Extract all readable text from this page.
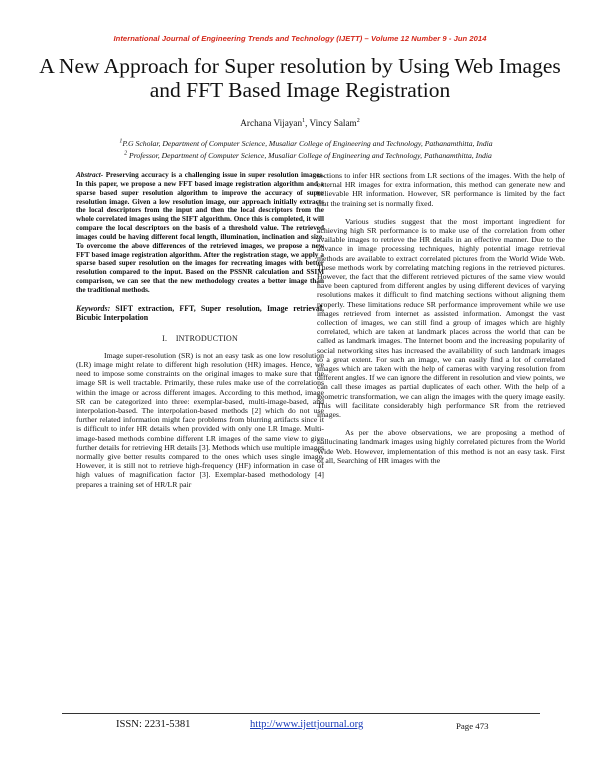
International Journal of Engineering Trends and Technology (IJETT) – Volume 12 Number 9 - Jun 2014
A New Approach for Super resolution by Using Web Images and FFT Based Image Registration
Archana Vijayan$^1$, Vincy Salam$^2$
$^1$P.G Scholar, Department of Computer Science, Musaliar College of Engineering and Technology, Pathanamthitta, India
$^2$ Professor, Department of Computer Science, Musaliar College of Engineering and Technology, Pathanamthitta, India

Abstract- Preserving accuracy is a challenging issue in super resolution images. In this paper, we propose a new FFT based image registration algorithm and a sparse based super resolution algorithm to improve the accuracy of super resolution image. Given a low resolution image, our approach initially extracts the local descriptors from the input and then the local descriptors from the whole correlated images using the SIFT algorithm. Once this is completed, it will compare the local descriptors on the basis of a threshold value. The retrieved images could be having different focal length, illumination, inclination and size. To overcome the above differences of the retrieved images, we propose a new FFT based image registration algorithm. After the registration stage, we apply a sparse based super resolution on the images for recreating images with better resolution compared to the input. Based on the PSSNR calculation and SSIM comparison, we can see that the new methodology creates a better image than the traditional methods.

Keywords: SIFT extraction, FFT, Super resolution, Image retrieval, Bicubic Interpolation

I.    INTRODUCTION

Image super-resolution (SR) is not an easy task as one low resolution (LR) image might relate to different high resolution (HR) images. Hence, we need to impose some constraints on the original images to make sure that the image SR is well tractable. Primarily, these rules make use of the correlations within the image or across different images. According to this method, image SR can be categorized into three: exemplar-based, multi-image-based, and interpolation-based. The interpolation-based methods [2] which do not use further related information might face problems from blurring artifacts since it is difficult to infer HR details when provided with only one LR Image. Multi-image-based methods combine different LR images of the same view to give further details for retrieving HR details [3]. Methods which use multiple images normally give better results compared to the ones which uses single image. However, it is still not to retrieve high-frequency (HF) information in case of high values of magnification factor [3]. Exemplar-based methodology [4] prepares a training set of HR/LR pair

sections to infer HR sections from LR sections of the images. With the help of external HR images for extra information, this method can generate new and believable HR information. However, SR performance is limited by the fact that the training set is normally fixed.

Various studies suggest that the most important ingredient for achieving high SR performance is to make use of the correlation from other available images to retrieve the HR details in an effective manner. Due to the advance in image processing techniques, highly potential image retrieval methods are available to extract correlated pictures from the World Wide Web. These methods work by correlating matching regions in the retrieved pictures. However, the fact that the different retrieved pictures of the same view would have been captured from different angles by using different devices of varying resolutions makes it difficult to find matching sections without aligning them properly. These limitations reduce SR performance improvement while we use images retrieved from internet as assisted information. Amongst the vast collection of images, we can still find a group of images which are highly correlated, which are taken at landmark places across the world that can be called as landmark images. The Internet boom and the increasing popularity of social networking sites has increased the availability of such landmark images to a great extent. For such an image, we can easily find a lot of correlated images which are taken with the help of cameras with varying resolution from different angles. If we can ignore the different in resolution and view points, we can call these images as partial duplicates of each other. With the help of a geometric transformation, we can align the images with the query image easily. This will facilitate considerably high performance SR from the retrieved images.

As per the above observations, we are proposing a method of hallucinating landmark images using highly correlated pictures from the World Wide Web. However, implementation of this method is not an easy task. First of all, Searching of HR images with the

ISSN: 2231-5381	http://www.ijettjournal.org	Page 473
